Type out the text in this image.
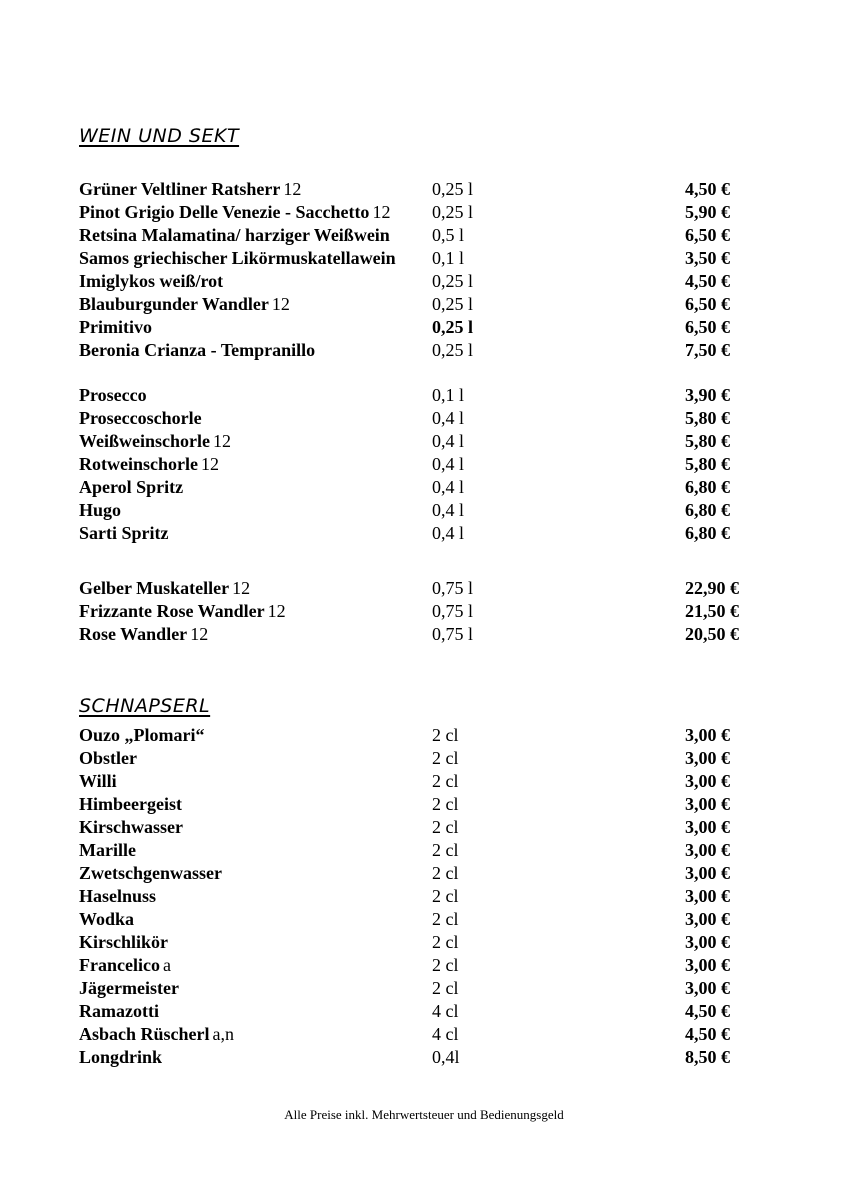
WEIN UND SEKT
Grüner Veltliner Ratsherr 12	0,25 l	4,50 €
Pinot Grigio Delle Venezie - Sacchetto 12 0,25 l	5,90 €
Retsina Malamatina/ harziger Weißwein 0,5 l	6,50 €
Samos griechischer Likörmuskatellawein 0,1 l	3,50 €
Imiglykos weiß/rot	0,25 l	4,50 €
Blauburgunder Wandler 12	0,25 l	6,50 €
Primitivo	0,25 l	6,50 €
Beronia Crianza - Tempranillo	0,25 l	7,50 €
Prosecco	0,1 l	3,90 €
Proseccoschorle	0,4 l	5,80 €
Weißweinschorle 12	0,4 l	5,80 €
Rotweinschorle 12	0,4 l	5,80 €
Aperol Spritz	0,4 l	6,80 €
Hugo	0,4 l	6,80 €
Sarti Spritz	0,4 l	6,80 €
Gelber Muskateller 12	0,75 l	22,90 €
Frizzante Rose Wandler 12	0,75 l	21,50 €
Rose Wandler 12	0,75 l	20,50 €
SCHNAPSERL
Ouzo „Plomari“	2 cl	3,00 €
Obstler	2 cl	3,00 €
Willi	2 cl	3,00 €
Himbeergeist	2 cl	3,00 €
Kirschwasser	2 cl	3,00 €
Marille	2 cl	3,00 €
Zwetschgenwasser	2 cl	3,00 €
Haselnuss	2 cl	3,00 €
Wodka	2 cl	3,00 €
Kirschlikör	2 cl	3,00 €
Francelico a	2 cl	3,00 €
Jägermeister	2 cl	3,00 €
Ramazotti	4 cl	4,50 €
Asbach Rüscherl a,n	4 cl	4,50 €
Longdrink	0,4l	8,50 €
Alle Preise inkl. Mehrwertsteuer und Bedienungsgeld
